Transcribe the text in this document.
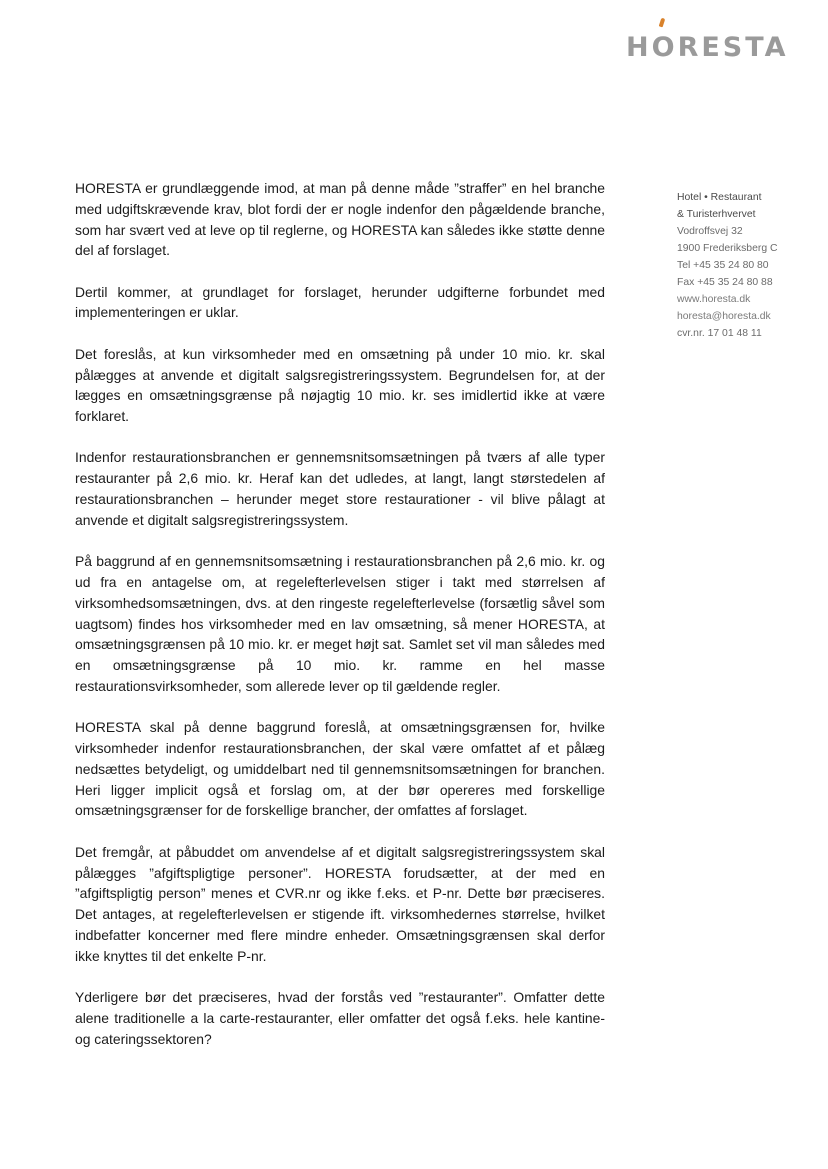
HORESTA

HORESTA er grundlæggende imod, at man på denne måde ”straffer” en hel branche med udgiftskrævende krav, blot fordi der er nogle indenfor den pågældende branche, som har svært ved at leve op til reglerne, og HORESTA kan således ikke støtte denne del af forslaget.

Dertil kommer, at grundlaget for forslaget, herunder udgifterne forbundet med implementeringen er uklar.

Det foreslås, at kun virksomheder med en omsætning på under 10 mio. kr. skal pålægges at anvende et digitalt salgsregistreringssystem. Begrundelsen for, at der lægges en omsætningsgrænse på nøjagtig 10 mio. kr. ses imidlertid ikke at være forklaret.

Indenfor restaurationsbranchen er gennemsnitsomsætningen på tværs af alle typer restauranter på 2,6 mio. kr. Heraf kan det udledes, at langt, langt størstedelen af restaurationsbranchen – herunder meget store restaurationer - vil blive pålagt at anvende et digitalt salgsregistreringssystem.

På baggrund af en gennemsnitsomsætning i restaurationsbranchen på 2,6 mio. kr. og ud fra en antagelse om, at regelefterlevelsen stiger i takt med størrelsen af virksomhedsomsætningen, dvs. at den ringeste regelefterlevelse (forsætlig såvel som uagtsom) findes hos virksomheder med en lav omsætning, så mener HORESTA, at omsætningsgrænsen på 10 mio. kr. er meget højt sat. Samlet set vil man således med en omsætningsgrænse på 10 mio. kr. ramme en hel masse restaurationsvirksomheder, som allerede lever op til gældende regler.

HORESTA skal på denne baggrund foreslå, at omsætningsgrænsen for, hvilke virksomheder indenfor restaurationsbranchen, der skal være omfattet af et pålæg nedsættes betydeligt, og umiddelbart ned til gennemsnitsomsætningen for branchen. Heri ligger implicit også et forslag om, at der bør opereres med forskellige omsætningsgrænser for de forskellige brancher, der omfattes af forslaget.

Det fremgår, at påbuddet om anvendelse af et digitalt salgsregistreringssystem skal pålægges ”afgiftspligtige personer”. HORESTA forudsætter, at der med en ”afgiftspligtig person” menes et CVR.nr og ikke f.eks. et P-nr. Dette bør præciseres. Det antages, at regelefterlevelsen er stigende ift. virksomhedernes størrelse, hvilket indbefatter koncerner med flere mindre enheder. Omsætningsgrænsen skal derfor ikke knyttes til det enkelte P-nr.

Yderligere bør det præciseres, hvad der forstås ved ”restauranter”. Omfatter dette alene traditionelle a la carte-restauranter, eller omfatter det også f.eks. hele kantine- og cateringssektoren?

Hotel • Restaurant
& Turisterhvervet
Vodroffsvej 32
1900 Frederiksberg C
Tel +45 35 24 80 80
Fax +45 35 24 80 88
www.horesta.dk
horesta@horesta.dk
cvr.nr. 17 01 48 11
